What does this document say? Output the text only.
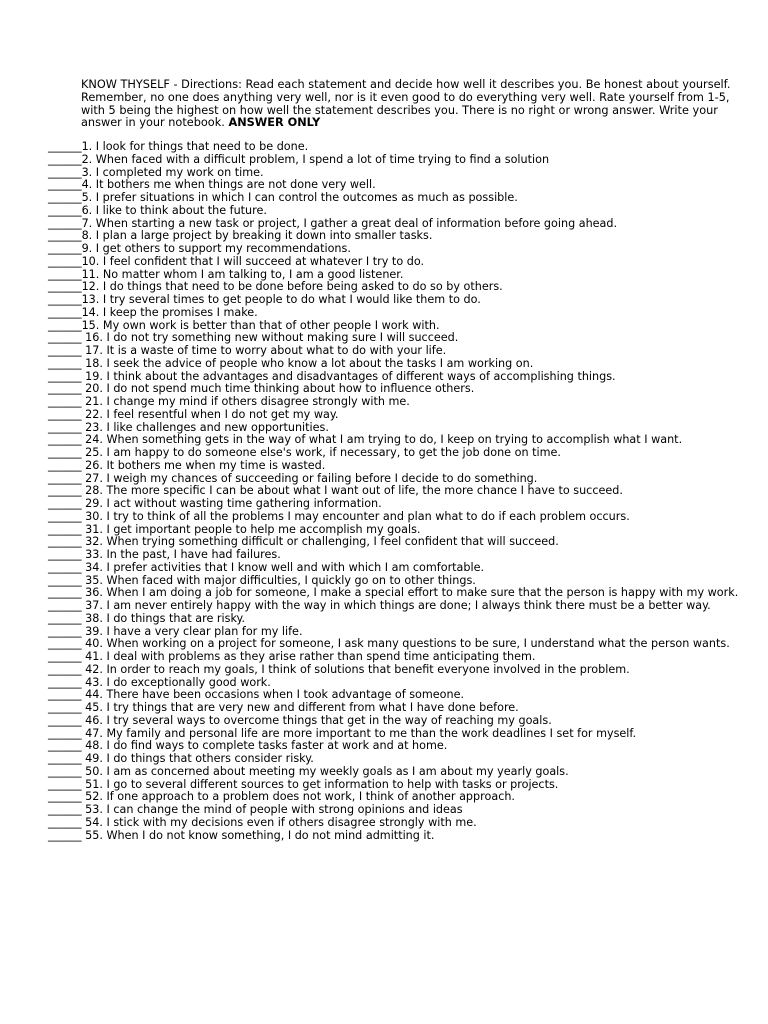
KNOW THYSELF - Directions: Read each statement and decide how well it describes you. Be honest about yourself. Remember, no one does anything very well, nor is it even good to do everything very well. Rate yourself from 1-5, with 5 being the highest on how well the statement describes you. There is no right or wrong answer. Write your answer in your notebook. ANSWER ONLY

______1. I look for things that need to be done.
______2. When faced with a difficult problem, I spend a lot of time trying to find a solution
______3. I completed my work on time.
______4. It bothers me when things are not done very well.
______5. I prefer situations in which I can control the outcomes as much as possible.
______6. I like to think about the future.
______7. When starting a new task or project, I gather a great deal of information before going ahead.
______8. I plan a large project by breaking it down into smaller tasks.
______9. I get others to support my recommendations.
______10. I feel confident that I will succeed at whatever I try to do.
______11. No matter whom I am talking to, I am a good listener.
______12. I do things that need to be done before being asked to do so by others.
______13. I try several times to get people to do what I would like them to do.
______14. I keep the promises I make.
______15. My own work is better than that of other people I work with.
______ 16. I do not try something new without making sure I will succeed.
______ 17. It is a waste of time to worry about what to do with your life.
______ 18. I seek the advice of people who know a lot about the tasks I am working on.
______ 19. I think about the advantages and disadvantages of different ways of accomplishing things.
______ 20. I do not spend much time thinking about how to influence others.
______ 21. I change my mind if others disagree strongly with me.
______ 22. I feel resentful when I do not get my way.
______ 23. I like challenges and new opportunities.
______ 24. When something gets in the way of what I am trying to do, I keep on trying to accomplish what I want.
______ 25. I am happy to do someone else's work, if necessary, to get the job done on time.
______ 26. It bothers me when my time is wasted.
______ 27. I weigh my chances of succeeding or failing before I decide to do something.
______ 28. The more specific I can be about what I want out of life, the more chance I have to succeed.
______ 29. I act without wasting time gathering information.
______ 30. I try to think of all the problems I may encounter and plan what to do if each problem occurs.
______ 31. I get important people to help me accomplish my goals.
______ 32. When trying something difficult or challenging, I feel confident that will succeed.
______ 33. In the past, I have had failures.
______ 34. I prefer activities that I know well and with which I am comfortable.
______ 35. When faced with major difficulties, I quickly go on to other things.
______ 36. When I am doing a job for someone, I make a special effort to make sure that the person is happy with my work.
______ 37. I am never entirely happy with the way in which things are done; I always think there must be a better way.
______ 38. I do things that are risky.
______ 39. I have a very clear plan for my life.
______ 40. When working on a project for someone, I ask many questions to be sure, I understand what the person wants.
______ 41. I deal with problems as they arise rather than spend time anticipating them.
______ 42. In order to reach my goals, I think of solutions that benefit everyone involved in the problem.
______ 43. I do exceptionally good work.
______ 44. There have been occasions when I took advantage of someone.
______ 45. I try things that are very new and different from what I have done before.
______ 46. I try several ways to overcome things that get in the way of reaching my goals.
______ 47. My family and personal life are more important to me than the work deadlines I set for myself.
______ 48. I do find ways to complete tasks faster at work and at home.
______ 49. I do things that others consider risky.
______ 50. I am as concerned about meeting my weekly goals as I am about my yearly goals.
______ 51. I go to several different sources to get information to help with tasks or projects.
______ 52. If one approach to a problem does not work, I think of another approach.
______ 53. I can change the mind of people with strong opinions and ideas
______ 54. I stick with my decisions even if others disagree strongly with me.
______ 55. When I do not know something, I do not mind admitting it.
